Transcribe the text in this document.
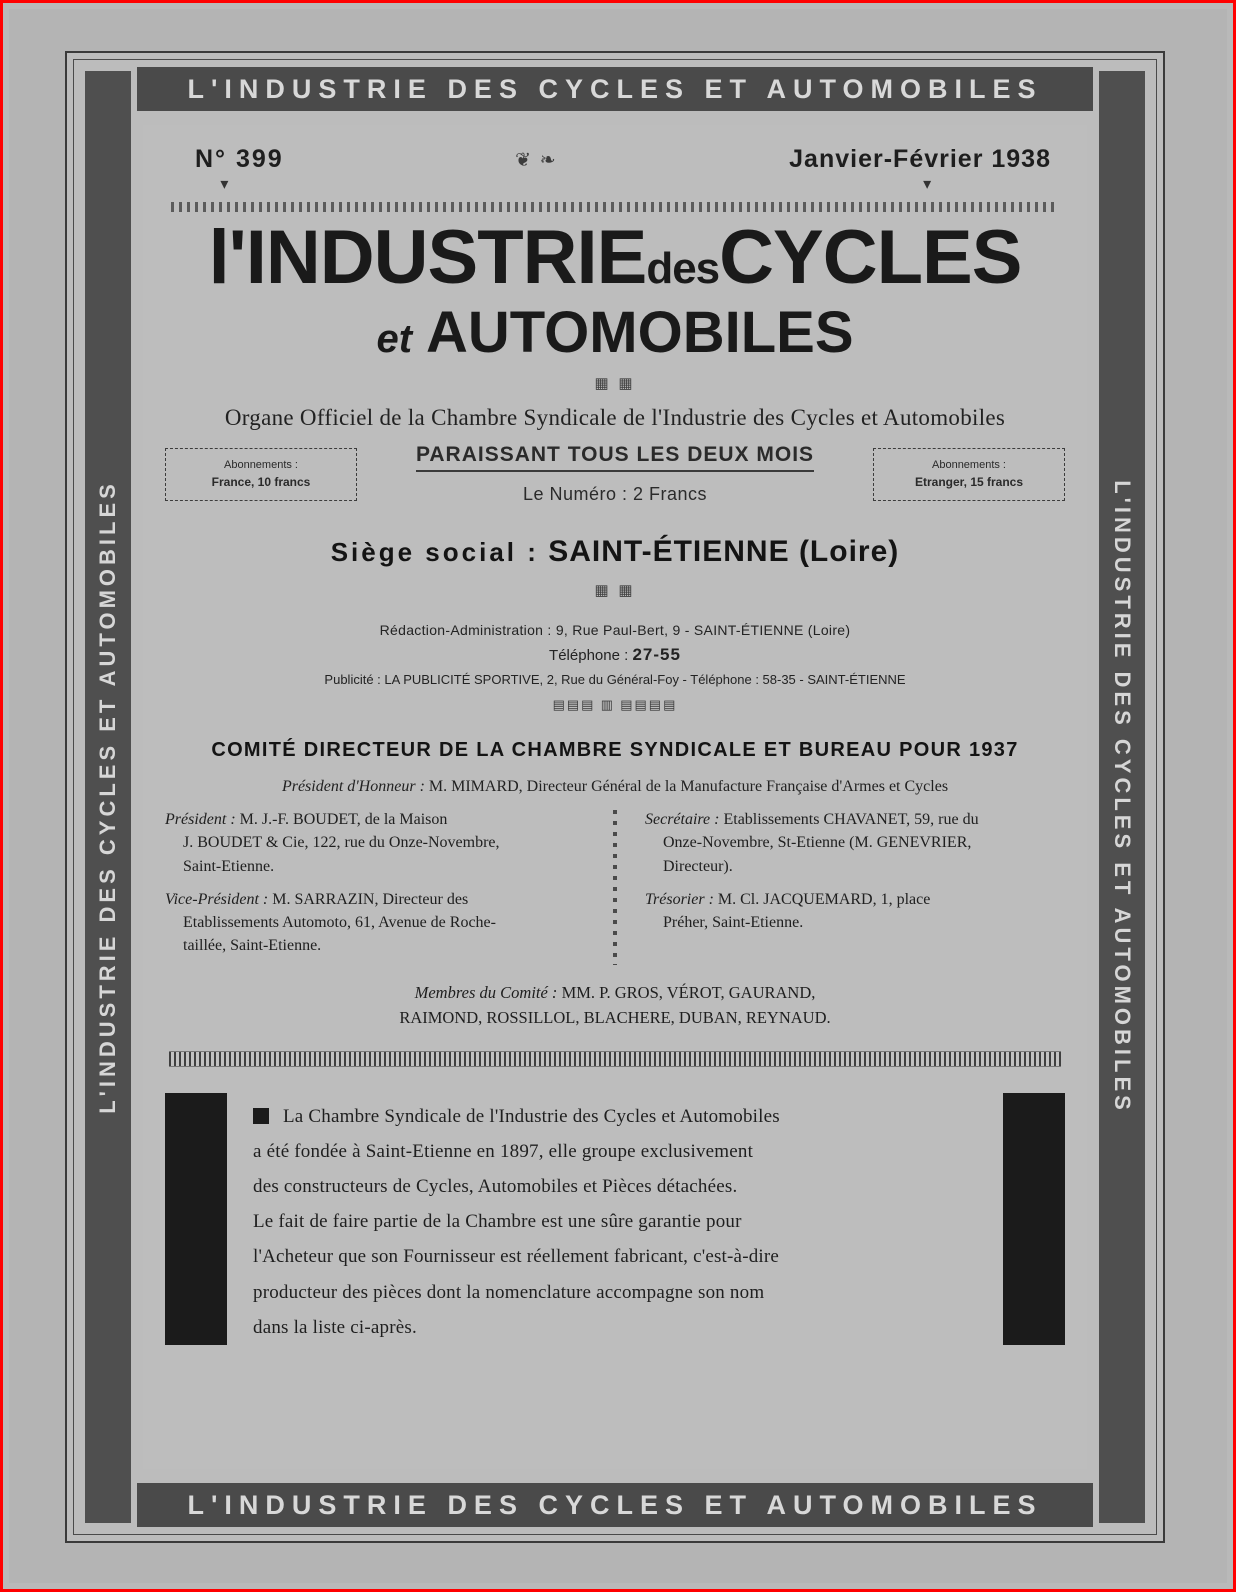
L'INDUSTRIE DES CYCLES ET AUTOMOBILES
L'INDUSTRIE DES CYCLES ET AUTOMOBILES	L'INDUSTRIE DES CYCLES ET AUTOMOBILES
L'INDUSTRIE DES CYCLES ET AUTOMOBILES
N° 399
▾
❦ ❧	Janvier-Février 1938
▾
l'INDUSTRIEdesCYCLES
et AUTOMOBILES
▦ ▦
Organe Officiel de la Chambre Syndicale de l'Industrie des Cycles et Automobiles
Abonnements :
France, 10 francs
PARAISSANT TOUS LES DEUX MOIS
Le Numéro : 2 Francs
Abonnements :
Etranger, 15 francs
Siège social : SAINT-ÉTIENNE (Loire)
▦ ▦
Rédaction-Administration : 9, Rue Paul-Bert, 9 - SAINT-ÉTIENNE (Loire)
Téléphone : 27-55
Publicité : LA PUBLICITÉ SPORTIVE, 2, Rue du Général-Foy - Téléphone : 58-35 - SAINT-ÉTIENNE
▤▤▤ ▥ ▤▤▤▤
COMITÉ DIRECTEUR DE LA CHAMBRE SYNDICALE ET BUREAU POUR 1937
Président d'Honneur : M. MIMARD, Directeur Général de la Manufacture Française d'Armes et Cycles

Président : M. J.-F. BOUDET, de la Maison
J. BOUDET & Cie, 122, rue du Onze-Novembre,
Saint-Etienne.

Vice-Président : M. SARRAZIN, Directeur des
Etablissements Automoto, 61, Avenue de Roche-
taillée, Saint-Etienne.

Secrétaire : Etablissements CHAVANET, 59, rue du
Onze-Novembre, St-Etienne (M. GENEVRIER,
Directeur).

Trésorier : M. Cl. JACQUEMARD, 1, place
Préher, Saint-Etienne.

Membres du Comité : MM. P. GROS, VÉROT, GAURAND,
RAIMOND, ROSSILLOL, BLACHERE, DUBAN, REYNAUD.
La Chambre Syndicale de l'Industrie des Cycles et Automobiles
a été fondée à Saint-Etienne en 1897, elle groupe exclusivement
des constructeurs de Cycles, Automobiles et Pièces détachées.
Le fait de faire partie de la Chambre est une sûre garantie pour
l'Acheteur que son Fournisseur est réellement fabricant, c'est-à-dire
producteur des pièces dont la nomenclature accompagne son nom
dans la liste ci-après.
